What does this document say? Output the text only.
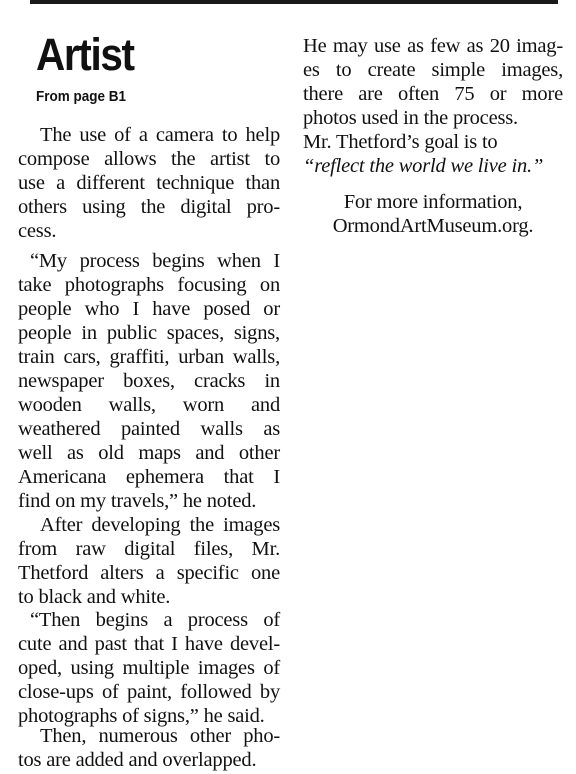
Artist
From page B1
The use of a camera to help
compose allows the artist to
use a different technique than
others using the digital pro-
cess.
“My process begins when I
take photographs focusing on
people who I have posed or
people in public spaces, signs,
train cars, graffiti, urban walls,
newspaper boxes, cracks in
wooden walls, worn and
weathered painted walls as
well as old maps and other
Americana ephemera that I
find on my travels,” he noted.
After developing the images
from raw digital files, Mr.
Thetford alters a specific one
to black and white.
“Then begins a process of
cute and past that I have devel-
oped, using multiple images of
close-ups of paint, followed by
photographs of signs,” he said.
Then, numerous other pho-
tos are added and overlapped.
He may use as few as 20 imag-
es to create simple images,
there are often 75 or more
photos used in the process.
Mr. Thetford’s goal is to
“reflect the world we live in.”
For more information,
OrmondArtMuseum.org.
